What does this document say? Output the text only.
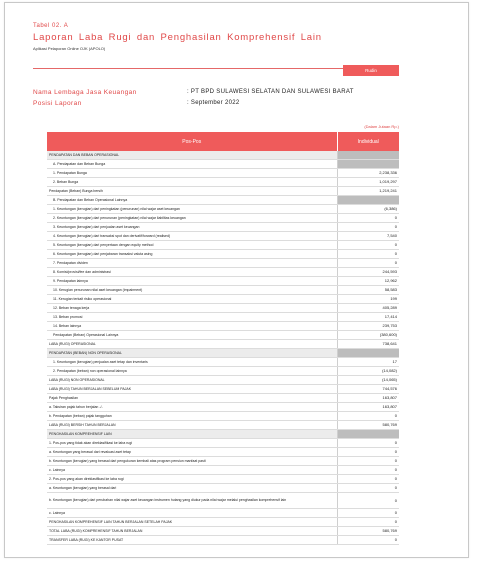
Tabel 02. A
Laporan Laba Rugi dan Penghasilan Komprehensif Lain
Aplikasi Pelaporan Online OJK (APOLO)
Rudin
Nama Lembaga Jasa Keuangan	: PT BPD SULAWESI SELATAN DAN SULAWESI BARAT
Posisi Laporan	: September 2022
(Dalam Jutaan Rp.)
Pos-Pos	Individual
PENDAPATAN DAN BEBAN OPERASIONAL	
A. Pendapatan dan Beban Bunga	
1. Pendapatan Bunga	2,238,336
2. Beban Bunga	1,019,297
Pendapatan (Beban) Bunga bersih	1,219,241
B. Pendapatan dan Beban Operasional Lainnya	
1. Keuntungan (kerugian) dari peningkatan (penurunan) nilai wajar aset keuangan	(6,386)
2. Keuntungan (kerugian) dari penurunan (peningkatan) nilai wajar liabilitas keuangan	0
3. Keuntungan (kerugian) dari penjualan aset keuangan	0
4. Keuntungan (kerugian) dari transaksi spot dan derivatif/forward (realised)	7,540
5. Keuntungan (kerugian) dari penyertaan dengan equity method	0
6. Keuntungan (kerugian) dari penjabaran transaksi valuta asing	0
7. Pendapatan dividen	0
8. Komisi/provisi/fee dan administrasi	244,593
9. Pendapatan lainnya	12,962
10. Kerugian penurunan nilai aset keuangan (impairment)	58,583
11. Kerugian terkait risiko operasional	199
12. Beban tenaga kerja	405,289
13. Beban promosi	17,414
14. Beban lainnya	239,753
Pendapatan (Beban) Operasional Lainnya	(380,600)
LABA (RUGI) OPERASIONAL	738,641
PENDAPATAN (BEBAN) NON OPERASIONAL	
1. Keuntungan (kerugian) penjualan aset tetap dan inventaris	17
2. Pendapatan (beban) non operasional lainnya	(14,082)
LABA (RUGI) NON OPERASIONAL	(14,065)
LABA (RUGI) TAHUN BERJALAN SEBELUM PAJAK	744,576
Pajak Penghasilan	163,807
a. Taksiran pajak tahun berjalan -/-	163,807
b. Pendapatan (beban) pajak tangguhan	0
LABA (RUGI) BERSIH TAHUN BERJALAN	580,769
PENGHASILAN KOMPREHENSIF LAIN	
1. Pos-pos yang tidak akan direklasifikasi ke laba rugi	0
a. Keuntungan yang berasal dari revaluasi aset tetap	0
b. Keuntungan (kerugian) yang berasal dari pengukuran kembali atas program pensiun manfaat pasti	0
c. Lainnya	0
2. Pos-pos yang akan direklasifikasi ke laba rugi	0
a. Keuntungan (kerugian) yang berasal dari	0
b. Keuntungan (kerugian) dari perubahan nilai wajar aset keuangan instrumen hutang yang diukur pada nilai wajar melalui penghasilan komprehensif lain	0
c. Lainnya	0
PENGHASILAN KOMPREHENSIF LAIN TAHUN BERJALAN SETELAH PAJAK	0
TOTAL LABA (RUGI) KOMPREHENSIF TAHUN BERJALAN	580,769
TRANSFER LABA (RUGI) KE KANTOR PUSAT	0
